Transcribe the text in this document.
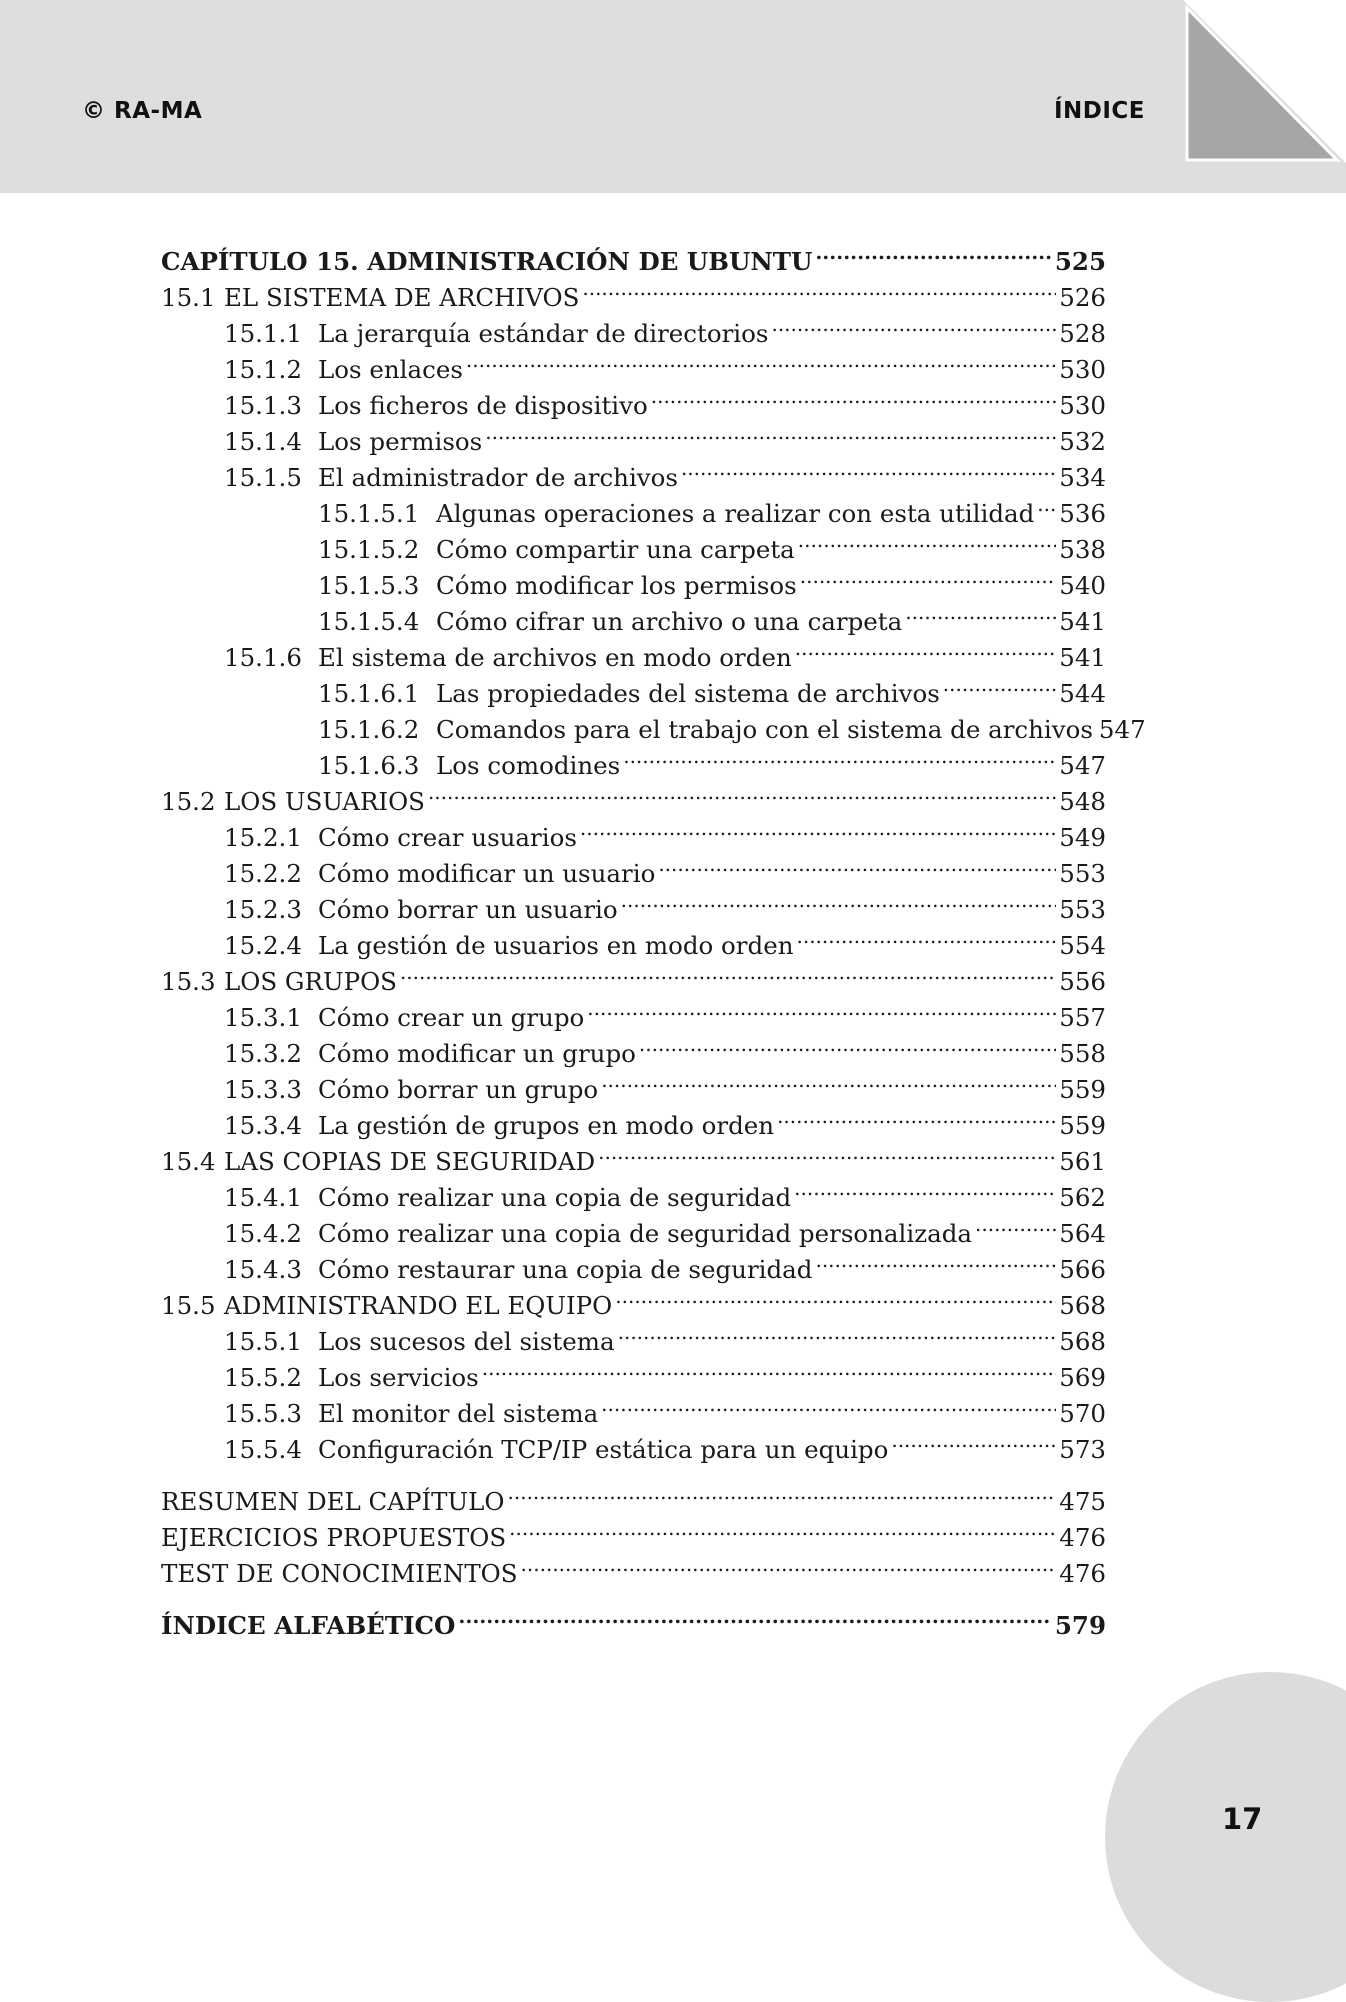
© RA-MA	ÍNDICE
CAPÍTULO 15. ADMINISTRACIÓN DE UBUNTU .....	525
15.1 EL SISTEMA DE ARCHIVOS .....	526
15.1.1 La jerarquía estándar de directorios .....	528
15.1.2 Los enlaces .....	530
15.1.3 Los ficheros de dispositivo .....	530
15.1.4 Los permisos .....	532
15.1.5 El administrador de archivos .....	534
15.1.5.1 Algunas operaciones a realizar con esta utilidad ..... 536
15.1.5.2 Cómo compartir una carpeta .....	538
15.1.5.3 Cómo modificar los permisos .....	540
15.1.5.4 Cómo cifrar un archivo o una carpeta .....	541
15.1.6 El sistema de archivos en modo orden .....	541
15.1.6.1 Las propiedades del sistema de archivos .....	544
15.1.6.2 Comandos para el trabajo con el sistema de archivos 547
15.1.6.3 Los comodines .....	547
15.2 LOS USUARIOS .....	548
15.2.1 Cómo crear usuarios .....	549
15.2.2 Cómo modificar un usuario .....	553
15.2.3 Cómo borrar un usuario .....	553
15.2.4 La gestión de usuarios en modo orden .....	554
15.3 LOS GRUPOS .....	556
15.3.1 Cómo crear un grupo .....	557
15.3.2 Cómo modificar un grupo .....	558
15.3.3 Cómo borrar un grupo .....	559
15.3.4 La gestión de grupos en modo orden .....	559
15.4 LAS COPIAS DE SEGURIDAD .....	561
15.4.1 Cómo realizar una copia de seguridad .....	562
15.4.2 Cómo realizar una copia de seguridad personalizada .....	564
15.4.3 Cómo restaurar una copia de seguridad .....	566
15.5 ADMINISTRANDO EL EQUIPO .....	568
15.5.1 Los sucesos del sistema .....	568
15.5.2 Los servicios .....	569
15.5.3 El monitor del sistema .....	570
15.5.4 Configuración TCP/IP estática para un equipo .....	573
RESUMEN DEL CAPÍTULO .....	475
EJERCICIOS PROPUESTOS .....	476
TEST DE CONOCIMIENTOS .....	476
ÍNDICE ALFABÉTICO .....	579
17
